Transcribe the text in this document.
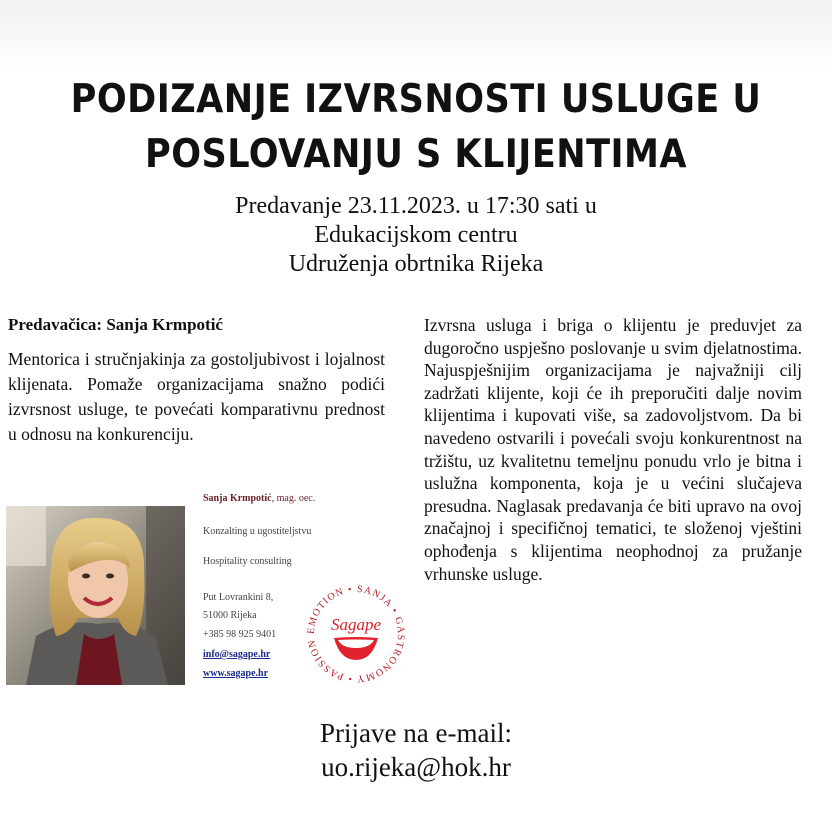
PODIZANJE IZVRSNOSTI USLUGE U
POSLOVANJU S KLIJENTIMA
Predavanje 23.11.2023. u 17:30 sati u
Edukacijskom centru
Udruženja obrtnika Rijeka
Predavačica: Sanja Krmpotić
Mentorica i stručnjakinja za gostoljubivost i lojalnost klijenata. Pomaže organizacijama snažno podići izvrsnost usluge, te povećati komparativnu prednost u odnosu na konkurenciju.
Izvrsna usluga i briga o klijentu je preduvjet za dugoročno uspješno poslovanje u svim djelatnostima. Najuspješnijim organizacijama je najvažniji cilj zadržati klijente, koji će ih preporučiti dalje novim klijentima i kupovati više, sa zadovoljstvom. Da bi navedeno ostvarili i povećali svoju konkurentnost na tržištu, uz kvalitetnu temeljnu ponudu vrlo je bitna i uslužna komponenta, koja je u većini slučajeva presudna. Naglasak predavanja će biti upravo na ovoj značajnoj i specifičnoj tematici, te složenoj vještini ophođenja s klijentima neophodnoj za pružanje vrhunske usluge.
Sanja Krmpotić, mag. oec.
Konzalting u ugostiteljstvu
Hospitality consulting
Put Lovrankini 8,
51000 Rijeka
+385 98 925 9401
info@sagape.hr
www.sagape.hr
EMOTION • SANJA • GASTRONOMY • PASSION
Sagape
Prijave na e-mail:
uo.rijeka@hok.hr
